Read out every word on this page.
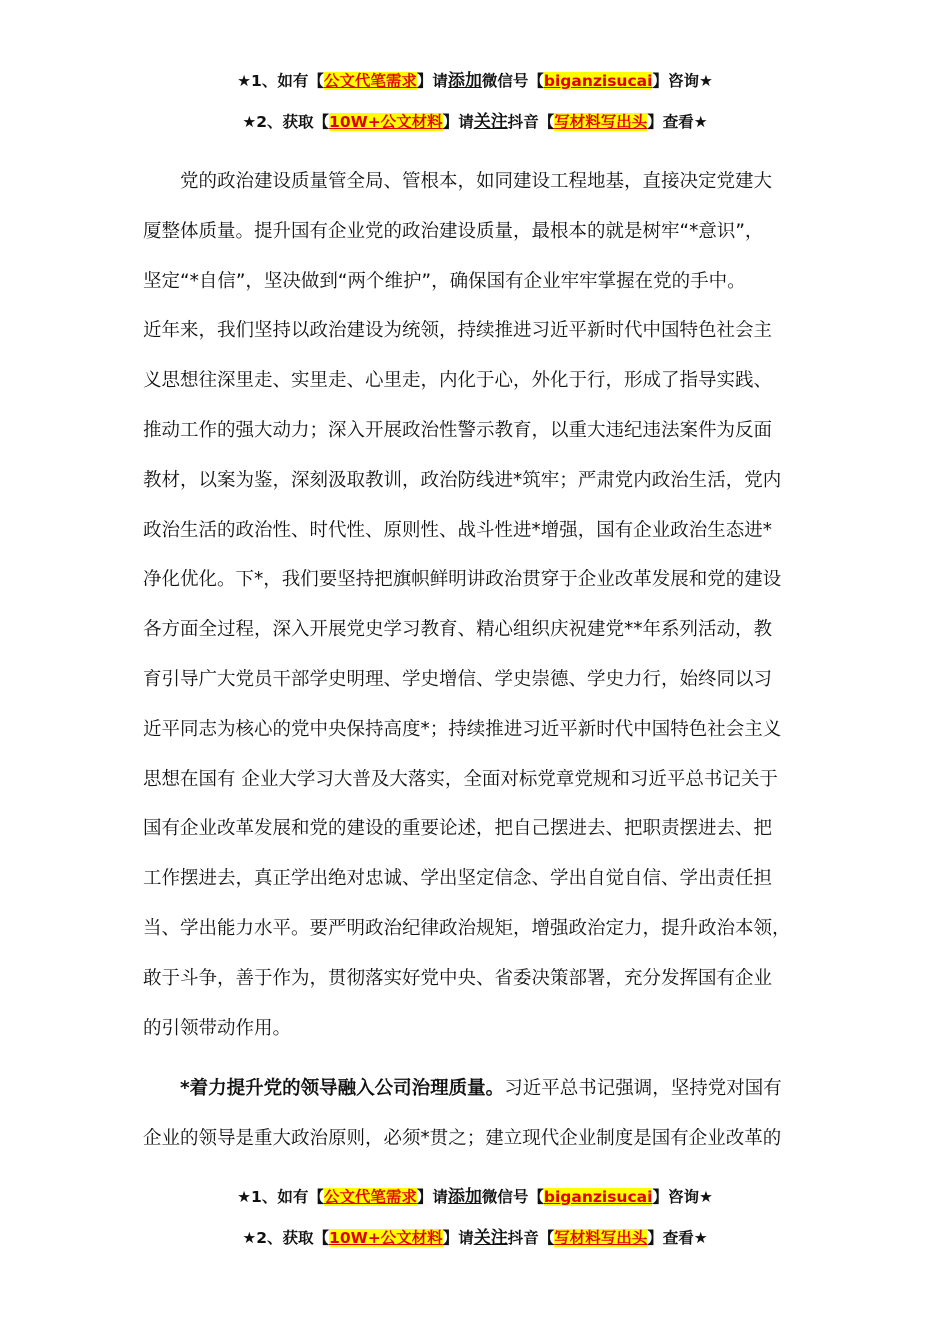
★1、如有【公文代笔需求】请添加微信号【biganzisucai】咨询★
★2、获取【10W+公文材料】请关注抖音【写材料写出头】查看★
党的政治建设质量管全局、管根本，如同建设工程地基，直接决定党建大
厦整体质量。提升国有企业党的政治建设质量，最根本的就是树牢“*意识”，
坚定“*自信”，坚决做到“两个维护”，确保国有企业牢牢掌握在党的手中。
近年来，我们坚持以政治建设为统领，持续推进习近平新时代中国特色社会主
义思想往深里走、实里走、心里走，内化于心，外化于行，形成了指导实践、
推动工作的强大动力；深入开展政治性警示教育，以重大违纪违法案件为反面
教材，以案为鉴，深刻汲取教训，政治防线进*筑牢；严肃党内政治生活，党内
政治生活的政治性、时代性、原则性、战斗性进*增强，国有企业政治生态进*
净化优化。下*，我们要坚持把旗帜鲜明讲政治贯穿于企业改革发展和党的建设
各方面全过程，深入开展党史学习教育、精心组织庆祝建党**年系列活动，教
育引导广大党员干部学史明理、学史增信、学史崇德、学史力行，始终同以习
近平同志为核心的党中央保持高度*；持续推进习近平新时代中国特色社会主义
思想在国有 企业大学习大普及大落实，全面对标党章党规和习近平总书记关于
国有企业改革发展和党的建设的重要论述，把自己摆进去、把职责摆进去、把
工作摆进去，真正学出绝对忠诚、学出坚定信念、学出自觉自信、学出责任担
当、学出能力水平。要严明政治纪律政治规矩，增强政治定力，提升政治本领，
敢于斗争，善于作为，贯彻落实好党中央、省委决策部署，充分发挥国有企业
的引领带动作用。
*着力提升党的领导融入公司治理质量。习近平总书记强调，坚持党对国有
企业的领导是重大政治原则，必须*贯之；建立现代企业制度是国有企业改革的
★1、如有【公文代笔需求】请添加微信号【biganzisucai】咨询★
★2、获取【10W+公文材料】请关注抖音【写材料写出头】查看★
